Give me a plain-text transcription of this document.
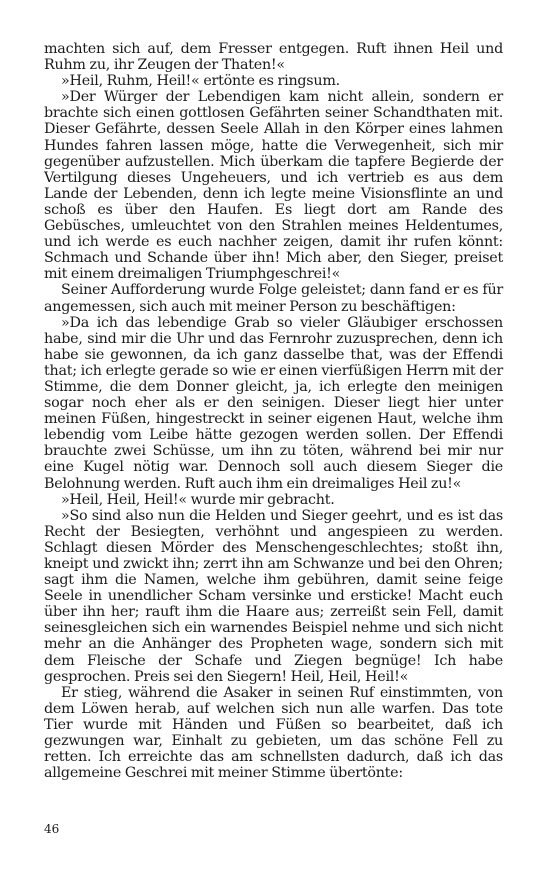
machten sich auf, dem Fresser entgegen. Ruft ihnen Heil und Ruhm zu, ihr Zeugen der Thaten!«

»Heil, Ruhm, Heil!« ertönte es ringsum.

»Der Würger der Lebendigen kam nicht allein, sondern er brachte sich einen gottlosen Gefährten seiner Schandthaten mit. Dieser Gefährte, dessen Seele Allah in den Körper eines lahmen Hundes fahren lassen möge, hatte die Verwegenheit, sich mir gegenüber aufzustellen. Mich überkam die tapfere Begierde der Vertilgung dieses Ungeheuers, und ich vertrieb es aus dem Lande der Lebenden, denn ich legte meine Visionsflinte an und schoß es über den Haufen. Es liegt dort am Rande des Gebüsches, umleuchtet von den Strahlen meines Heldentumes, und ich werde es euch nachher zeigen, damit ihr rufen könnt: Schmach und Schande über ihn! Mich aber, den Sieger, preiset mit einem dreimaligen Triumphgeschrei!«

Seiner Aufforderung wurde Folge geleistet; dann fand er es für angemessen, sich auch mit meiner Person zu beschäftigen:

»Da ich das lebendige Grab so vieler Gläubiger erschossen habe, sind mir die Uhr und das Fernrohr zuzusprechen, denn ich habe sie gewonnen, da ich ganz dasselbe that, was der Effendi that; ich erlegte gerade so wie er einen vierfüßigen Herrn mit der Stimme, die dem Donner gleicht, ja, ich erlegte den meinigen sogar noch eher als er den seinigen. Dieser liegt hier unter meinen Füßen, hingestreckt in seiner eigenen Haut, welche ihm lebendig vom Leibe hätte gezogen werden sollen. Der Effendi brauchte zwei Schüsse, um ihn zu töten, während bei mir nur eine Kugel nötig war. Dennoch soll auch diesem Sieger die Belohnung werden. Ruft auch ihm ein dreimaliges Heil zu!«

»Heil, Heil, Heil!« wurde mir gebracht.

»So sind also nun die Helden und Sieger geehrt, und es ist das Recht der Besiegten, verhöhnt und angespieen zu werden. Schlagt diesen Mörder des Menschengeschlechtes; stoßt ihn, kneipt und zwickt ihn; zerrt ihn am Schwanze und bei den Ohren; sagt ihm die Namen, welche ihm gebühren, damit seine feige Seele in unendlicher Scham versinke und ersticke! Macht euch über ihn her; rauft ihm die Haare aus; zerreißt sein Fell, damit seinesgleichen sich ein warnendes Beispiel nehme und sich nicht mehr an die Anhänger des Propheten wage, sondern sich mit dem Fleische der Schafe und Ziegen begnüge! Ich habe gesprochen. Preis sei den Siegern! Heil, Heil, Heil!«

Er stieg, während die Asaker in seinen Ruf einstimmten, von dem Löwen herab, auf welchen sich nun alle warfen. Das tote Tier wurde mit Händen und Füßen so bearbeitet, daß ich gezwungen war, Einhalt zu gebieten, um das schöne Fell zu retten. Ich erreichte das am schnellsten dadurch, daß ich das allgemeine Geschrei mit meiner Stimme übertönte:

46
